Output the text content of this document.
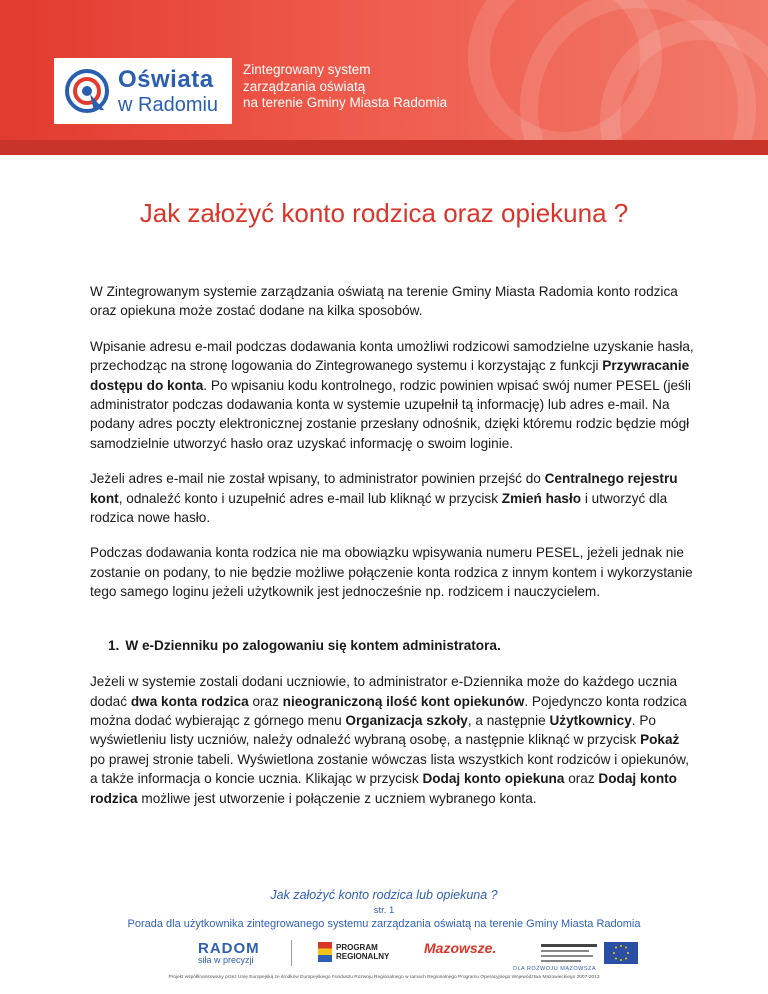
Oświata
w Radomiu
Zintegrowany system
zarządzania oświatą
na terenie Gminy Miasta Radomia
Jak założyć konto rodzica oraz opiekuna ?

W Zintegrowanym systemie zarządzania oświatą na terenie Gminy Miasta Radomia konto rodzica oraz opiekuna może zostać dodane na kilka sposobów.

Wpisanie adresu e-mail podczas dodawania konta umożliwi rodzicowi samodzielne uzyskanie hasła, przechodząc na stronę logowania do Zintegrowanego systemu i korzystając z funkcji Przywracanie dostępu do konta. Po wpisaniu kodu kontrolnego, rodzic powinien wpisać swój numer PESEL (jeśli administrator podczas dodawania konta w systemie uzupełnił tą informację) lub adres e-mail. Na podany adres poczty elektronicznej zostanie przesłany odnośnik, dzięki któremu rodzic będzie mógł samodzielnie utworzyć hasło oraz uzyskać informację o swoim loginie.

Jeżeli adres e-mail nie został wpisany, to administrator powinien przejść do Centralnego rejestru kont, odnaleźć konto i uzupełnić adres e-mail lub kliknąć w przycisk Zmień hasło i utworzyć dla rodzica nowe hasło.

Podczas dodawania konta rodzica nie ma obowiązku wpisywania numeru PESEL, jeżeli jednak nie zostanie on podany, to nie będzie możliwe połączenie konta rodzica z innym kontem i wykorzystanie tego samego loginu jeżeli użytkownik jest jednocześnie np. rodzicem i nauczycielem.

1. W e-Dzienniku po zalogowaniu się kontem administratora.

Jeżeli w systemie zostali dodani uczniowie, to administrator e-Dziennika może do każdego ucznia dodać dwa konta rodzica oraz nieograniczoną ilość kont opiekunów. Pojedynczo konta rodzica można dodać wybierając z górnego menu Organizacja szkoły, a następnie Użytkownicy. Po wyświetleniu listy uczniów, należy odnaleźć wybraną osobę, a następnie kliknąć w przycisk Pokaż po prawej stronie tabeli. Wyświetlona zostanie wówczas lista wszystkich kont rodziców i opiekunów, a także informacja o koncie ucznia. Klikając w przycisk Dodaj konto opiekuna oraz Dodaj konto rodzica możliwe jest utworzenie i połączenie z uczniem wybranego konta.

Jak założyć konto rodzica lub opiekuna ?
str. 1
Porada dla użytkownika zintegrowanego systemu zarządzania oświatą na terenie Gminy Miasta Radomia
RADOM
siła w precyzji
PROGRAM
REGIONALNY
Mazowsze.
DLA ROZWOJU MAZOWSZA
Projekt współfinansowany przez Unię Europejską ze środków Europejskiego Funduszu Rozwoju Regionalnego w ramach Regionalnego Programu Operacyjnego Województwa Mazowieckiego 2007-2013
